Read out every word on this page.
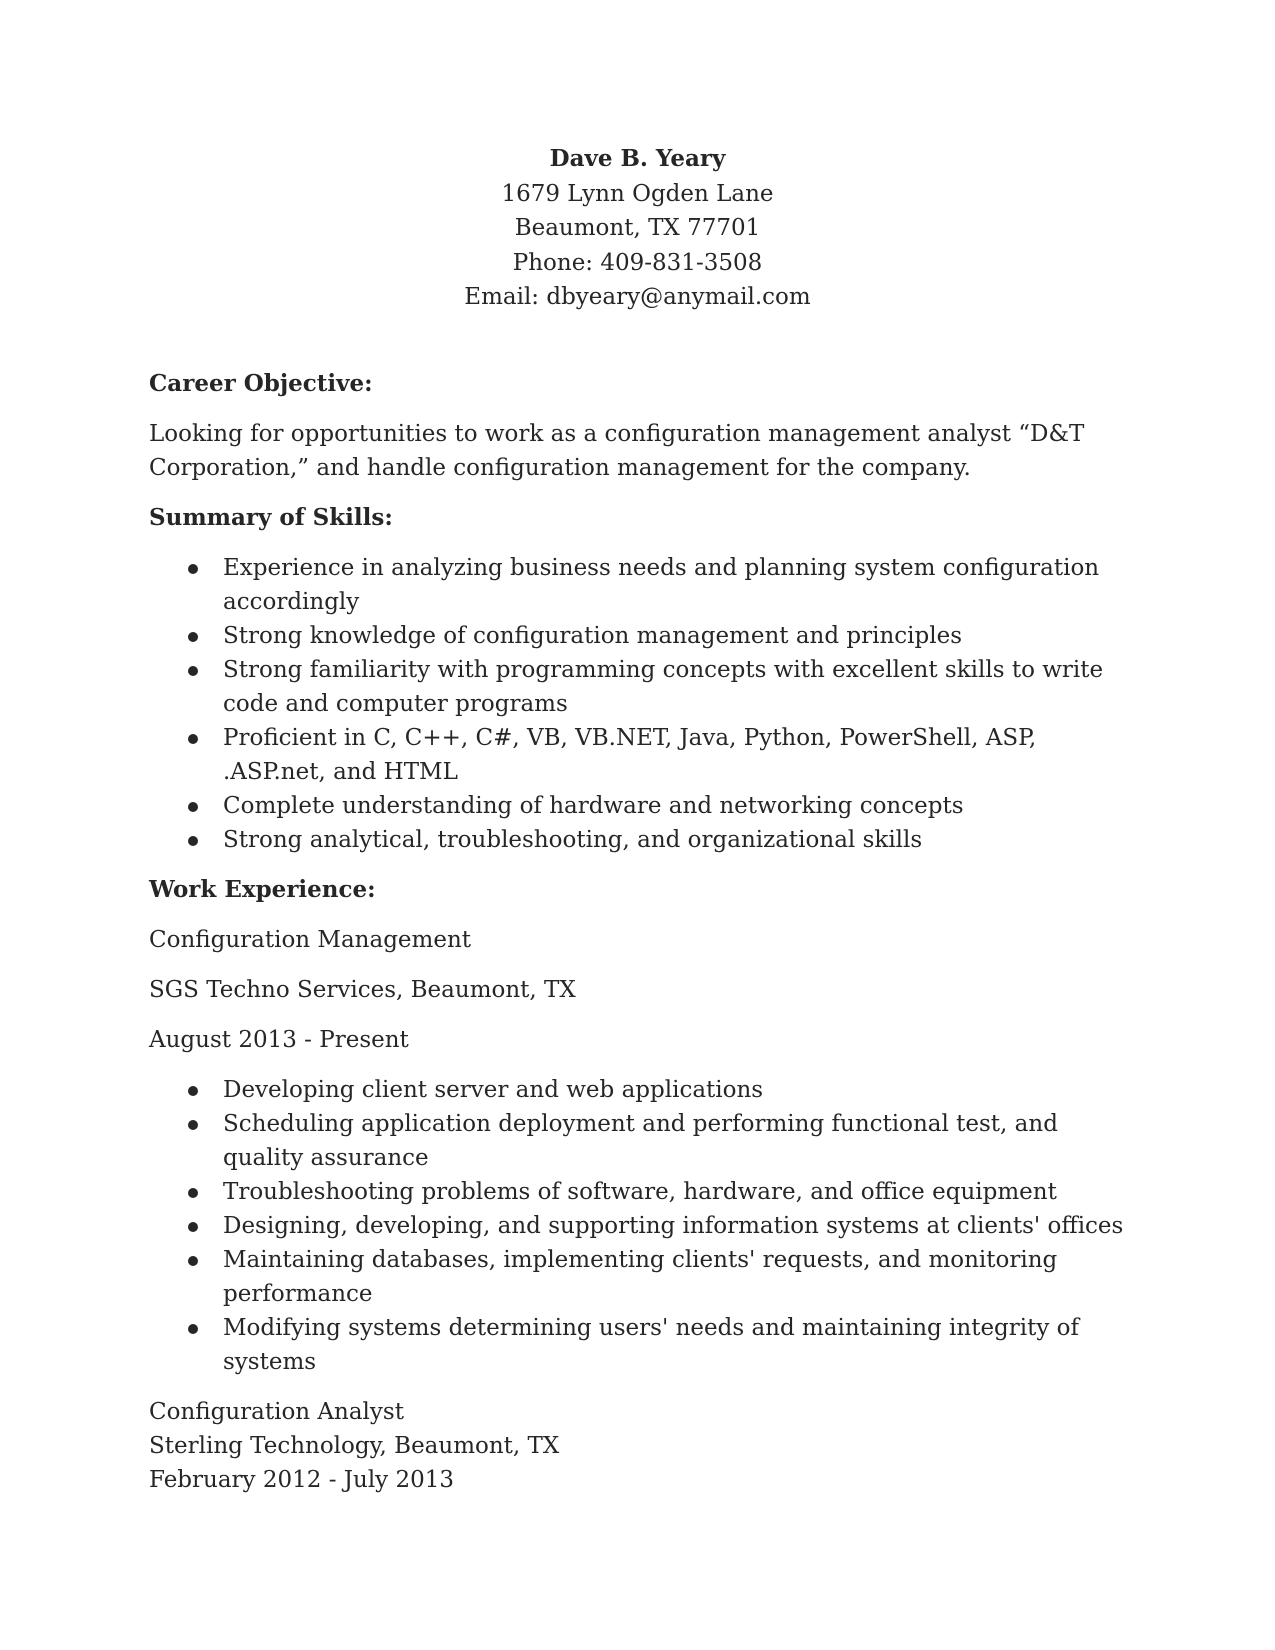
Dave B. Yeary
1679 Lynn Ogden Lane
Beaumont, TX 77701
Phone: 409-831-3508
Email: dbyeary@anymail.com

Career Objective:

Looking for opportunities to work as a configuration management analyst “D&T Corporation,” and handle configuration management for the company.

Summary of Skills:

Experience in analyzing business needs and planning system configuration accordingly
Strong knowledge of configuration management and principles
Strong familiarity with programming concepts with excellent skills to write code and computer programs
Proficient in C, C++, C#, VB, VB.NET, Java, Python, PowerShell, ASP, .ASP.net, and HTML
Complete understanding of hardware and networking concepts
Strong analytical, troubleshooting, and organizational skills

Work Experience:

Configuration Management

SGS Techno Services, Beaumont, TX

August 2013 - Present

Developing client server and web applications
Scheduling application deployment and performing functional test, and quality assurance
Troubleshooting problems of software, hardware, and office equipment
Designing, developing, and supporting information systems at clients' offices
Maintaining databases, implementing clients' requests, and monitoring performance
Modifying systems determining users' needs and maintaining integrity of systems

Configuration Analyst

Sterling Technology, Beaumont, TX

February 2012 - July 2013
